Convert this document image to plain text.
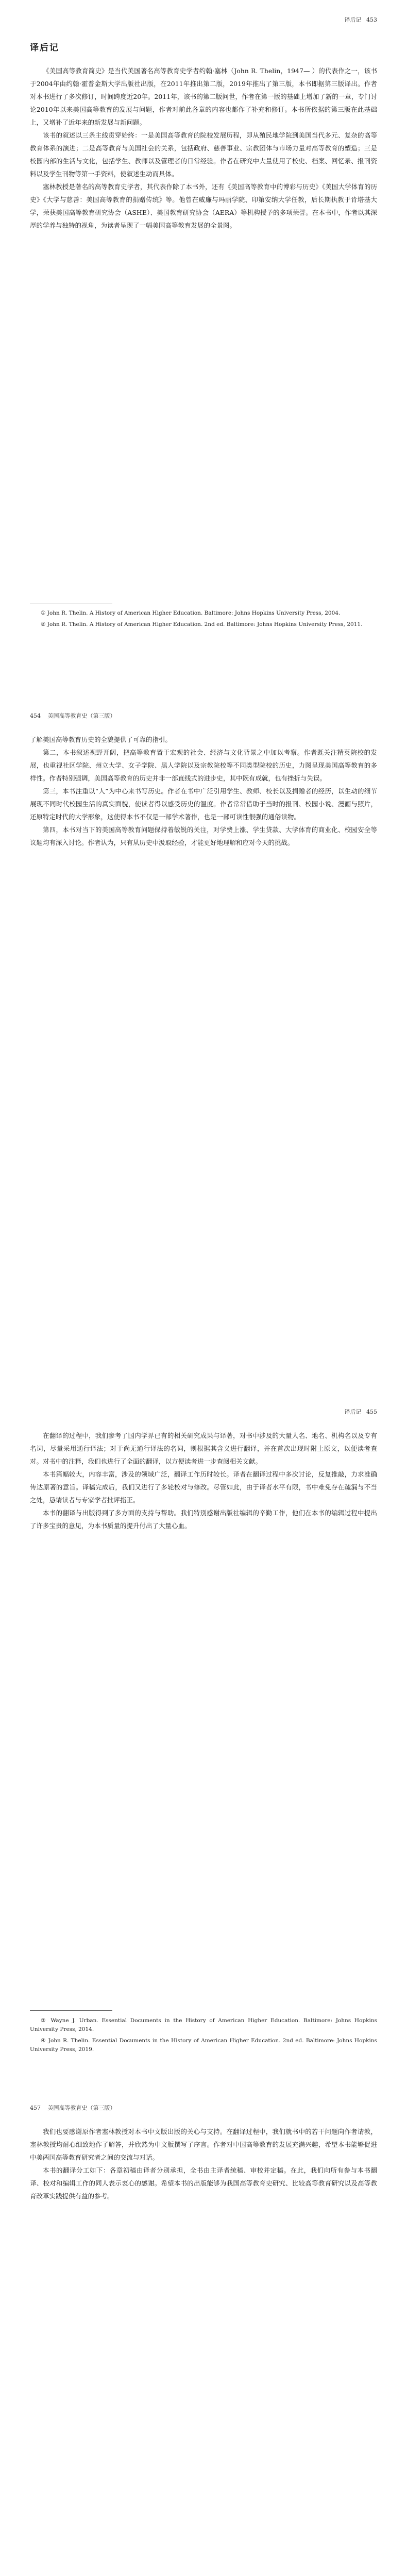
译后记 453
译后记

《美国高等教育简史》是当代美国著名高等教育史学者约翰·塞林（John R. Thelin，1947— ）的代表作之一，该书于2004年由约翰·霍普金斯大学出版社出版，在2011年推出第二版，2019年推出了第三版，本书即据第三版译出。作者对本书进行了多次修订，时间跨度近20年。2011年，该书的第二版问世，作者在第一版的基础上增加了新的一章，专门讨论2010年以来美国高等教育的发展与问题，作者对前此各章的内容也都作了补充和修订。本书所依据的第三版在此基础上，又增补了近年来的新发展与新问题。

该书的叙述以三条主线贯穿始终：一是美国高等教育的院校发展历程，即从殖民地学院到美国当代多元、复杂的高等教育体系的演进；二是高等教育与美国社会的关系，包括政府、慈善事业、宗教团体与市场力量对高等教育的塑造；三是校园内部的生活与文化，包括学生、教师以及管理者的日常经验。作者在研究中大量使用了校史、档案、回忆录、报刊资料以及学生刊物等第一手资料，使叙述生动而具体。

塞林教授是著名的高等教育史学者，其代表作除了本书外，还有《美国高等教育中的博彩与历史》《美国大学体育的历史》《大学与慈善：美国高等教育的捐赠传统》等。他曾在威廉与玛丽学院、印第安纳大学任教，后长期执教于肯塔基大学，荣获美国高等教育研究协会（ASHE）、美国教育研究协会（AERA）等机构授予的多项荣誉。在本书中，作者以其深厚的学养与独特的视角，为读者呈现了一幅美国高等教育发展的全景图。

① John R. Thelin. A History of American Higher Education. Baltimore: Johns Hopkins University Press, 2004.

② John R. Thelin. A History of American Higher Education. 2nd ed. Baltimore: Johns Hopkins University Press, 2011.

454 美国高等教育史（第三版）

了解美国高等教育历史的全貌提供了可靠的指引。

第二，本书叙述视野开阔，把高等教育置于宏观的社会、经济与文化背景之中加以考察。作者既关注精英院校的发展，也重视社区学院、州立大学、女子学院、黑人学院以及宗教院校等不同类型院校的历史，力图呈现美国高等教育的多样性。作者特别强调，美国高等教育的历史并非一部直线式的进步史，其中既有成就，也有挫折与失误。

第三，本书注重以“人”为中心来书写历史。作者在书中广泛引用学生、教师、校长以及捐赠者的经历，以生动的细节展现不同时代校园生活的真实面貌，使读者得以感受历史的温度。作者常常借助于当时的报刊、校园小说、漫画与照片，还原特定时代的大学形象，这使得本书不仅是一部学术著作，也是一部可读性很强的通俗读物。

第四，本书对当下的美国高等教育问题保持着敏锐的关注，对学费上涨、学生贷款、大学体育的商业化、校园安全等议题均有深入讨论。作者认为，只有从历史中汲取经验，才能更好地理解和应对今天的挑战。

译后记 455

在翻译的过程中，我们参考了国内学界已有的相关研究成果与译著，对书中涉及的大量人名、地名、机构名以及专有名词，尽量采用通行译法；对于尚无通行译法的名词，则根据其含义进行翻译，并在首次出现时附上原文，以便读者查对。对书中的注释，我们也进行了全面的翻译，以方便读者进一步查阅相关文献。

本书篇幅较大，内容丰富，涉及的领域广泛，翻译工作历时较长。译者在翻译过程中多次讨论，反复推敲，力求准确传达原著的意旨。译稿完成后，我们又进行了多轮校对与修改。尽管如此，由于译者水平有限，书中难免存在疏漏与不当之处，恳请读者与专家学者批评指正。

本书的翻译与出版得到了多方面的支持与帮助。我们特别感谢出版社编辑的辛勤工作，他们在本书的编辑过程中提出了许多宝贵的意见，为本书质量的提升付出了大量心血。

③ Wayne J. Urban. Essential Documents in the History of American Higher Education. Baltimore: Johns Hopkins University Press, 2014.

④ John R. Thelin. Essential Documents in the History of American Higher Education. 2nd ed. Baltimore: Johns Hopkins University Press, 2019.

457 美国高等教育史（第三版）

我们也要感谢原作者塞林教授对本书中文版出版的关心与支持。在翻译过程中，我们就书中的若干问题向作者请教，塞林教授均耐心细致地作了解答，并欣然为中文版撰写了序言。作者对中国高等教育的发展充满兴趣，希望本书能够促进中美两国高等教育研究者之间的交流与对话。

本书的翻译分工如下：各章初稿由译者分别承担，全书由主译者统稿、审校并定稿。在此，我们向所有参与本书翻译、校对和编辑工作的同人表示衷心的感谢。希望本书的出版能够为我国高等教育史研究、比较高等教育研究以及高等教育改革实践提供有益的参考。
